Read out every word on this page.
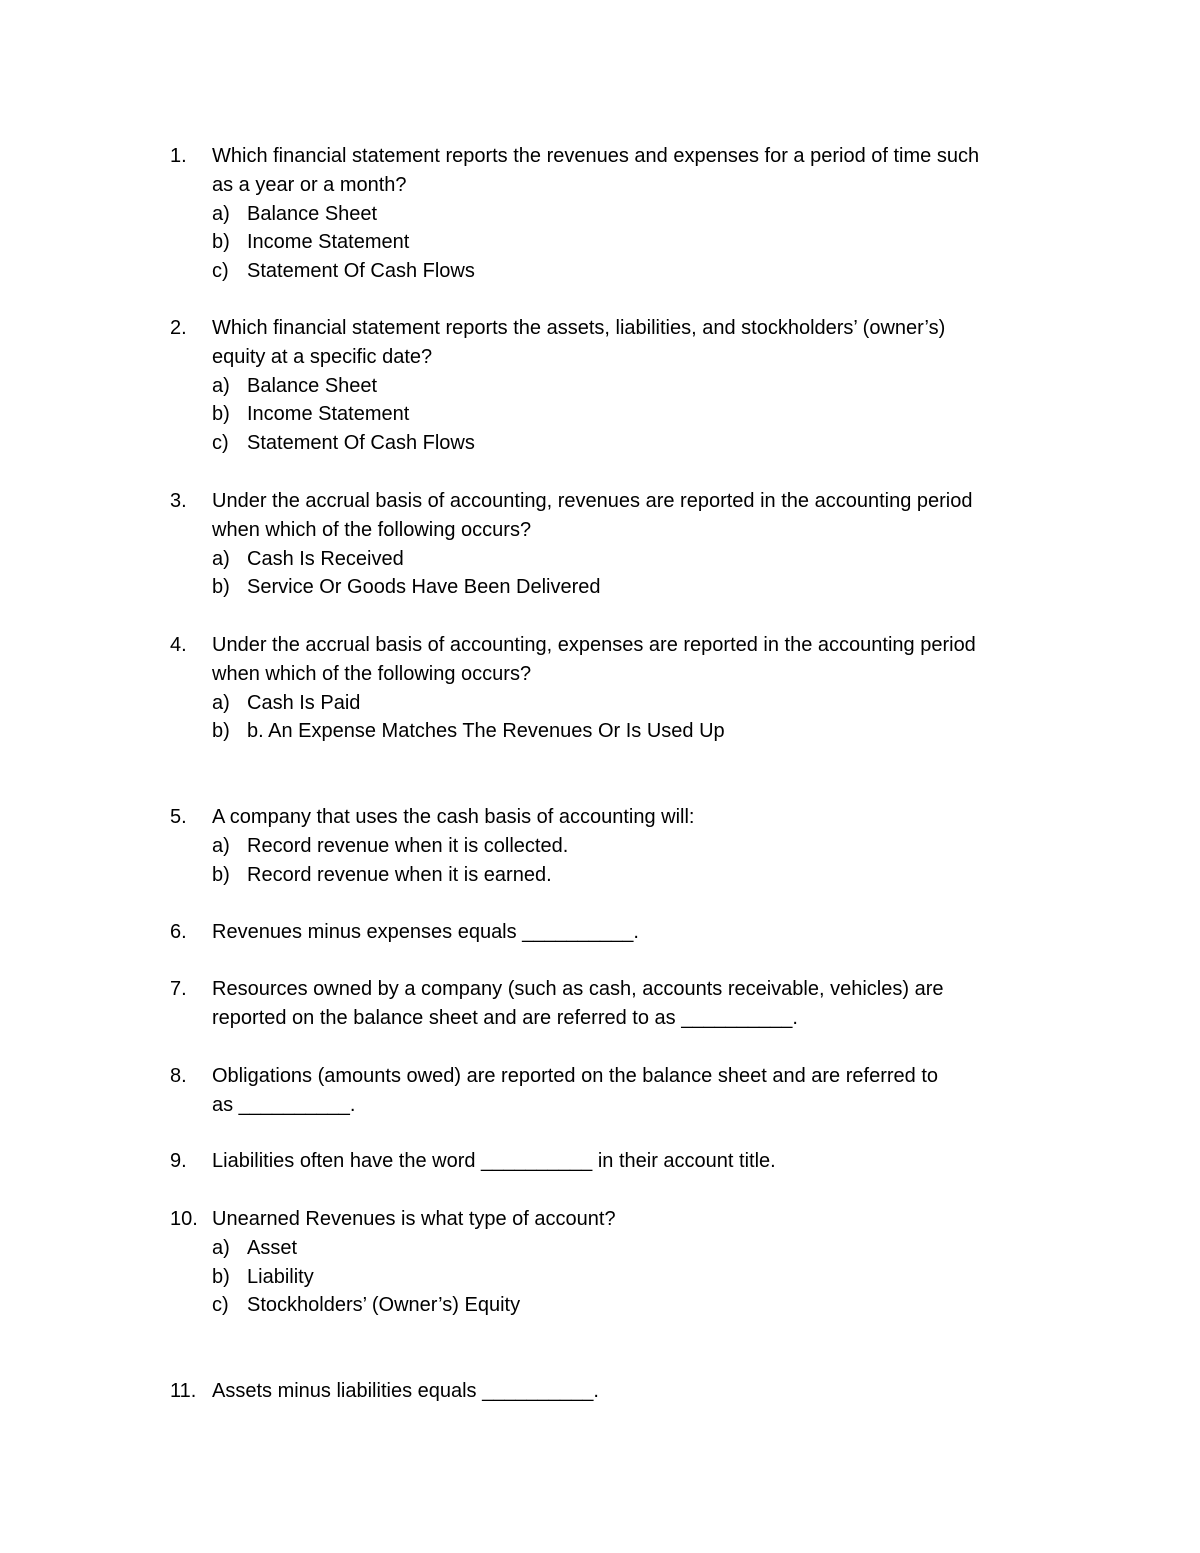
1.	Which financial statement reports the revenues and expenses for a period of time such
as a year or a month?
a) Balance Sheet
b) Income Statement
c) Statement Of Cash Flows
2.	Which financial statement reports the assets, liabilities, and stockholders’ (owner’s)
equity at a specific date?
a) Balance Sheet
b) Income Statement
c) Statement Of Cash Flows
3.	Under the accrual basis of accounting, revenues are reported in the accounting period
when which of the following occurs?
a) Cash Is Received
b) Service Or Goods Have Been Delivered
4.	Under the accrual basis of accounting, expenses are reported in the accounting period
when which of the following occurs?
a) Cash Is Paid
b) b. An Expense Matches The Revenues Or Is Used Up
5.	A company that uses the cash basis of accounting will:
a) Record revenue when it is collected.
b) Record revenue when it is earned.
6.	Revenues minus expenses equals __________.
7.	Resources owned by a company (such as cash, accounts receivable, vehicles) are
reported on the balance sheet and are referred to as __________.
8.	Obligations (amounts owed) are reported on the balance sheet and are referred to
as __________.
9.	Liabilities often have the word __________ in their account title.
10. Unearned Revenues is what type of account?
a) Asset
b) Liability
c) Stockholders’ (Owner’s) Equity
11. Assets minus liabilities equals __________.
